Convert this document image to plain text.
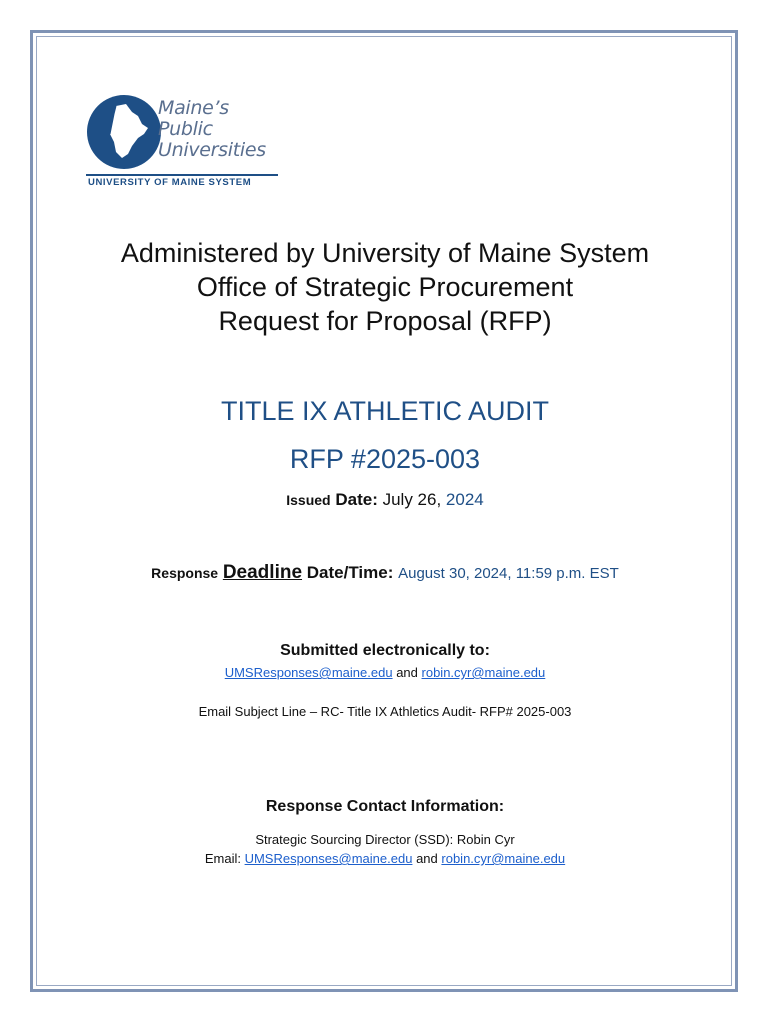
Maine’s
Public
Universities
UNIVERSITY OF MAINE SYSTEM
Administered by University of Maine System
Office of Strategic Procurement
Request for Proposal (RFP)
TITLE IX ATHLETIC AUDIT
RFP #2025-003
Issued Date: July 26, 2024
Response Deadline Date/Time: August 30, 2024, 11:59 p.m. EST
Submitted electronically to:
UMSResponses@maine.edu and robin.cyr@maine.edu
Email Subject Line – RC- Title IX Athletics Audit- RFP# 2025-003
Response Contact Information:
Strategic Sourcing Director (SSD): Robin Cyr
Email: UMSResponses@maine.edu and robin.cyr@maine.edu
